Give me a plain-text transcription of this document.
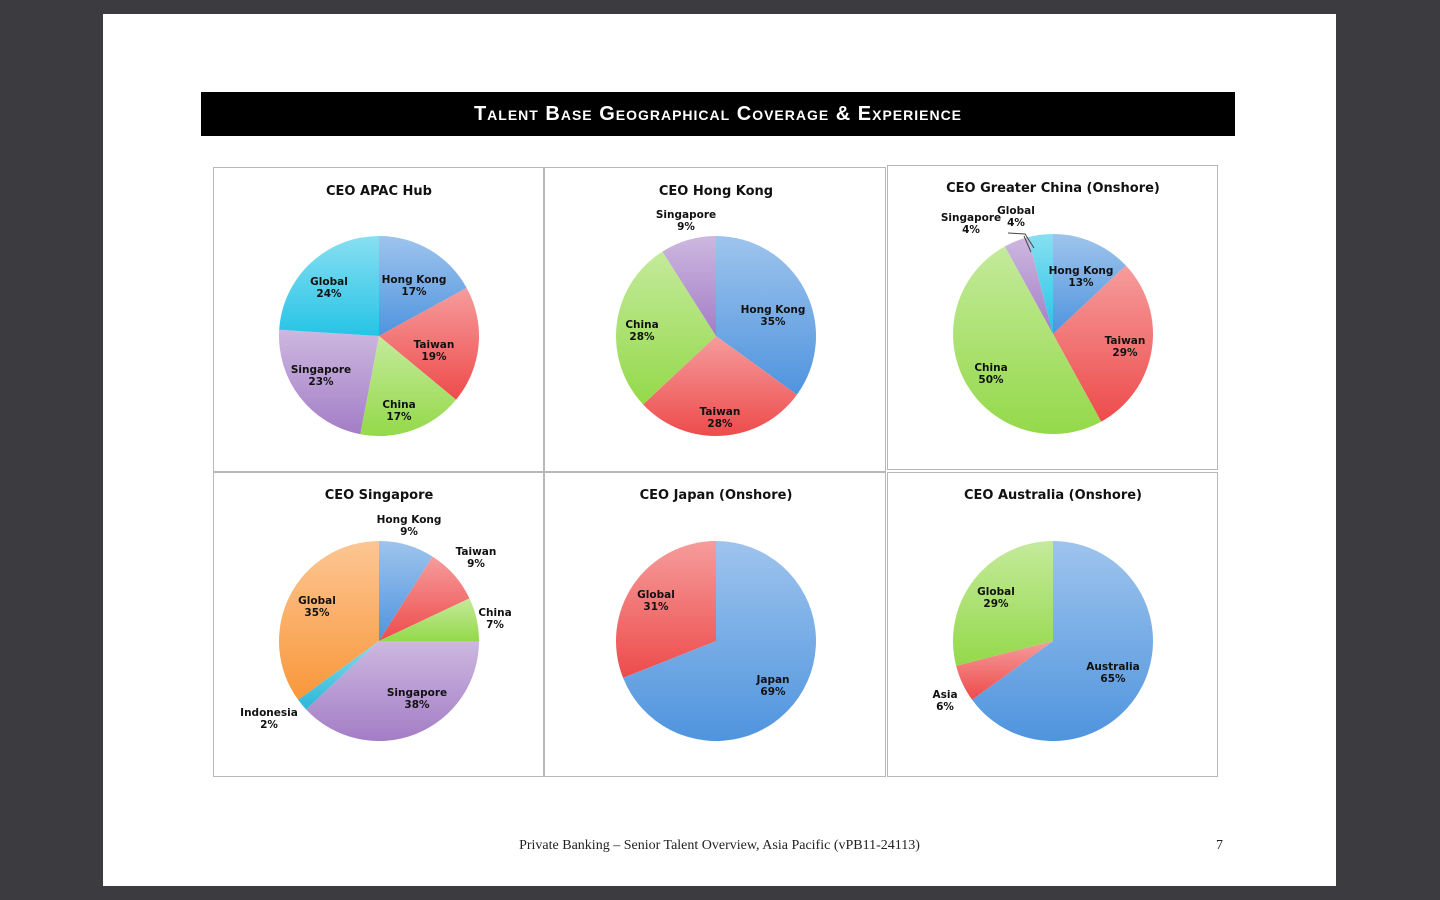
Talent Base Geographical Coverage & Experience
CEO APAC Hub
Hong Kong 17%
Taiwan 19%
China 17%
Singapore 23%
Global 24%
CEO Hong Kong
Hong Kong 35%
Taiwan 28%
China 28%
Singapore 9%
CEO Greater China (Onshore)
Hong Kong 13%
Taiwan 29%
China 50%
Singapore 4%
Global 4%
CEO Singapore
Hong Kong 9%
Taiwan 9%
China 7%
Singapore 38%
Indonesia 2%
Global 35%
CEO Japan (Onshore)
Japan 69%
Global 31%
CEO Australia (Onshore)
Australia 65%
Asia 6%
Global 29%
Private Banking – Senior Talent Overview, Asia Pacific (vPB11-24113)	7
